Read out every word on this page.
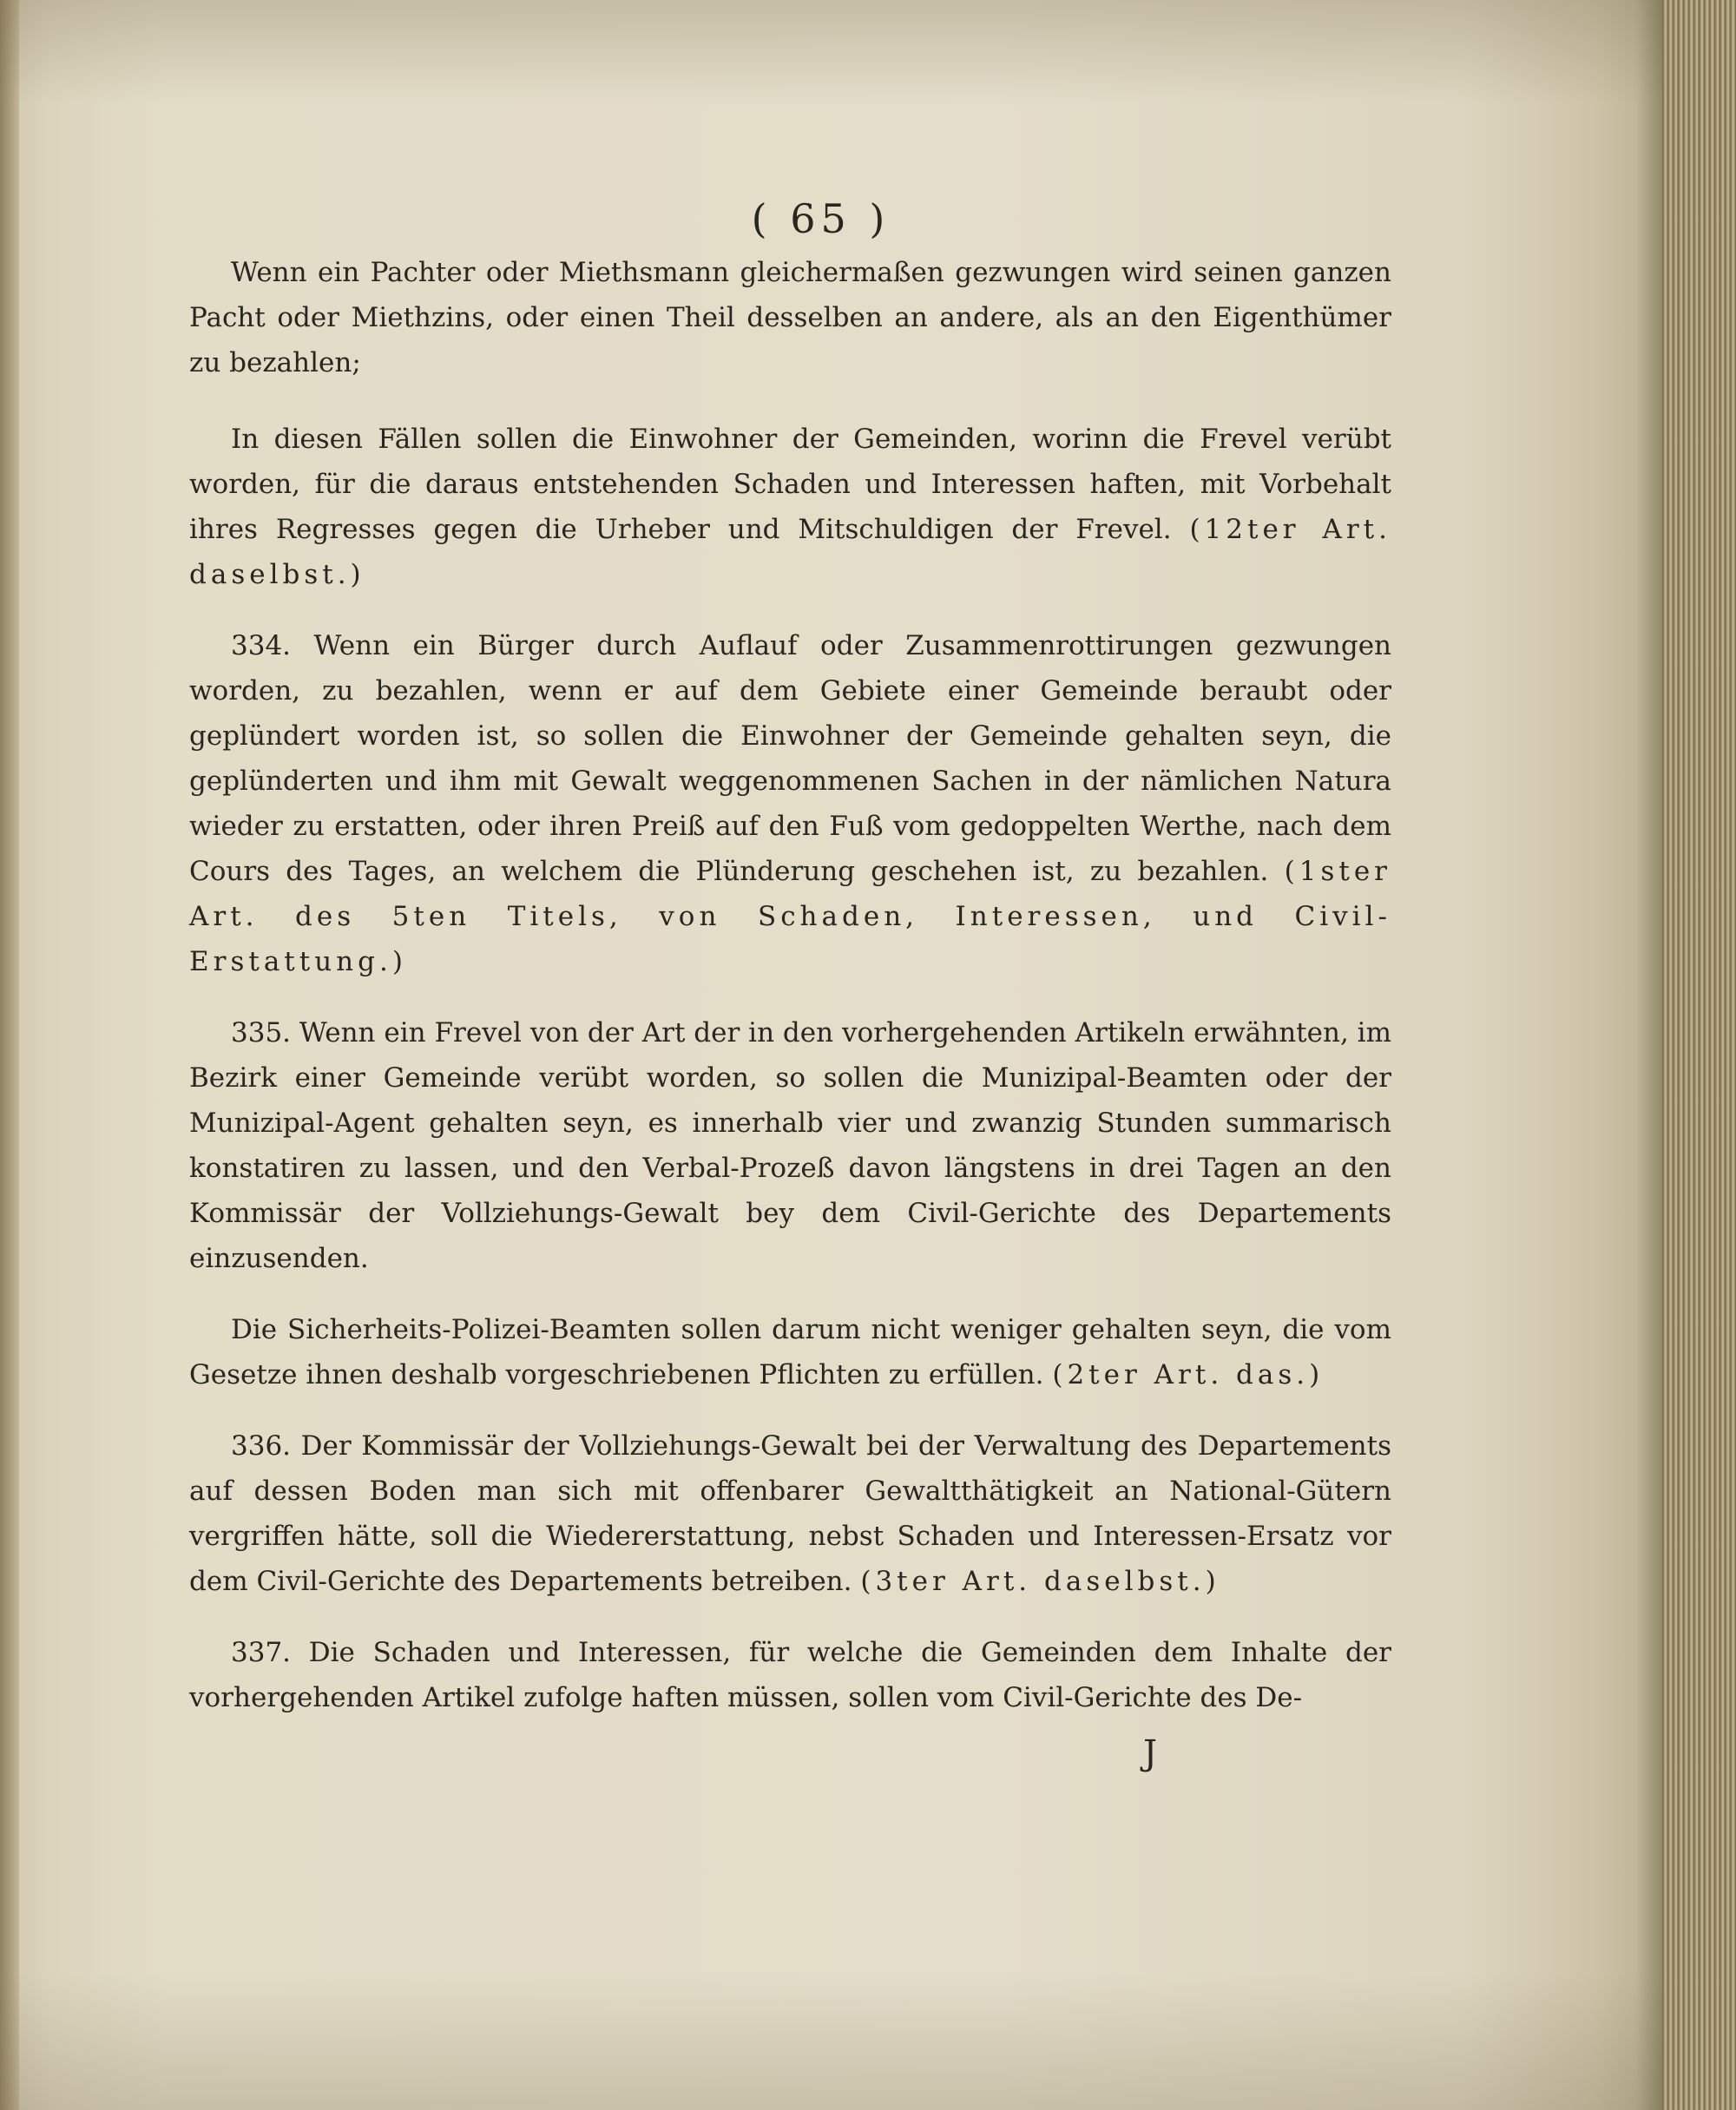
( 65 )

Wenn ein Pachter oder Miethsmann gleichermaßen gezwungen wird seinen ganzen Pacht oder Miethzins, oder einen Theil desselben an andere, als an den Eigenthümer zu bezahlen;

In diesen Fällen sollen die Einwohner der Gemeinden, worinn die Frevel verübt worden, für die daraus entstehenden Schaden und Interessen haften, mit Vorbehalt ihres Regresses gegen die Urheber und Mitschuldigen der Frevel. (12ter Art. daselbst.)

334. Wenn ein Bürger durch Auflauf oder Zusammenrottirungen gezwungen worden, zu bezahlen, wenn er auf dem Gebiete einer Gemeinde beraubt oder geplündert worden ist, so sollen die Einwohner der Gemeinde gehalten seyn, die geplünderten und ihm mit Gewalt weggenommenen Sachen in der nämlichen Natura wieder zu erstatten, oder ihren Preiß auf den Fuß vom gedoppelten Werthe, nach dem Cours des Tages, an welchem die Plünderung geschehen ist, zu bezahlen. (1ster Art. des 5ten Titels, von Schaden, Interessen, und Civil-Erstattung.)

335. Wenn ein Frevel von der Art der in den vorhergehenden Artikeln erwähnten, im Bezirk einer Gemeinde verübt worden, so sollen die Munizipal-Beamten oder der Munizipal-Agent gehalten seyn, es innerhalb vier und zwanzig Stunden summarisch konstatiren zu lassen, und den Verbal-Prozeß davon längstens in drei Tagen an den Kommissär der Vollziehungs-Gewalt bey dem Civil-Gerichte des Departements einzusenden.

Die Sicherheits-Polizei-Beamten sollen darum nicht weniger gehalten seyn, die vom Gesetze ihnen deshalb vorgeschriebenen Pflichten zu erfüllen. (2ter Art. das.)

336. Der Kommissär der Vollziehungs-Gewalt bei der Verwaltung des Departements auf dessen Boden man sich mit offenbarer Gewaltthätigkeit an National-Gütern vergriffen hätte, soll die Wiedererstattung, nebst Schaden und Interessen-Ersatz vor dem Civil-Gerichte des Departements betreiben. (3ter Art. daselbst.)

337. Die Schaden und Interessen, für welche die Gemeinden dem Inhalte der vorhergehenden Artikel zufolge haften müssen, sollen vom Civil-Gerichte des De-

J
